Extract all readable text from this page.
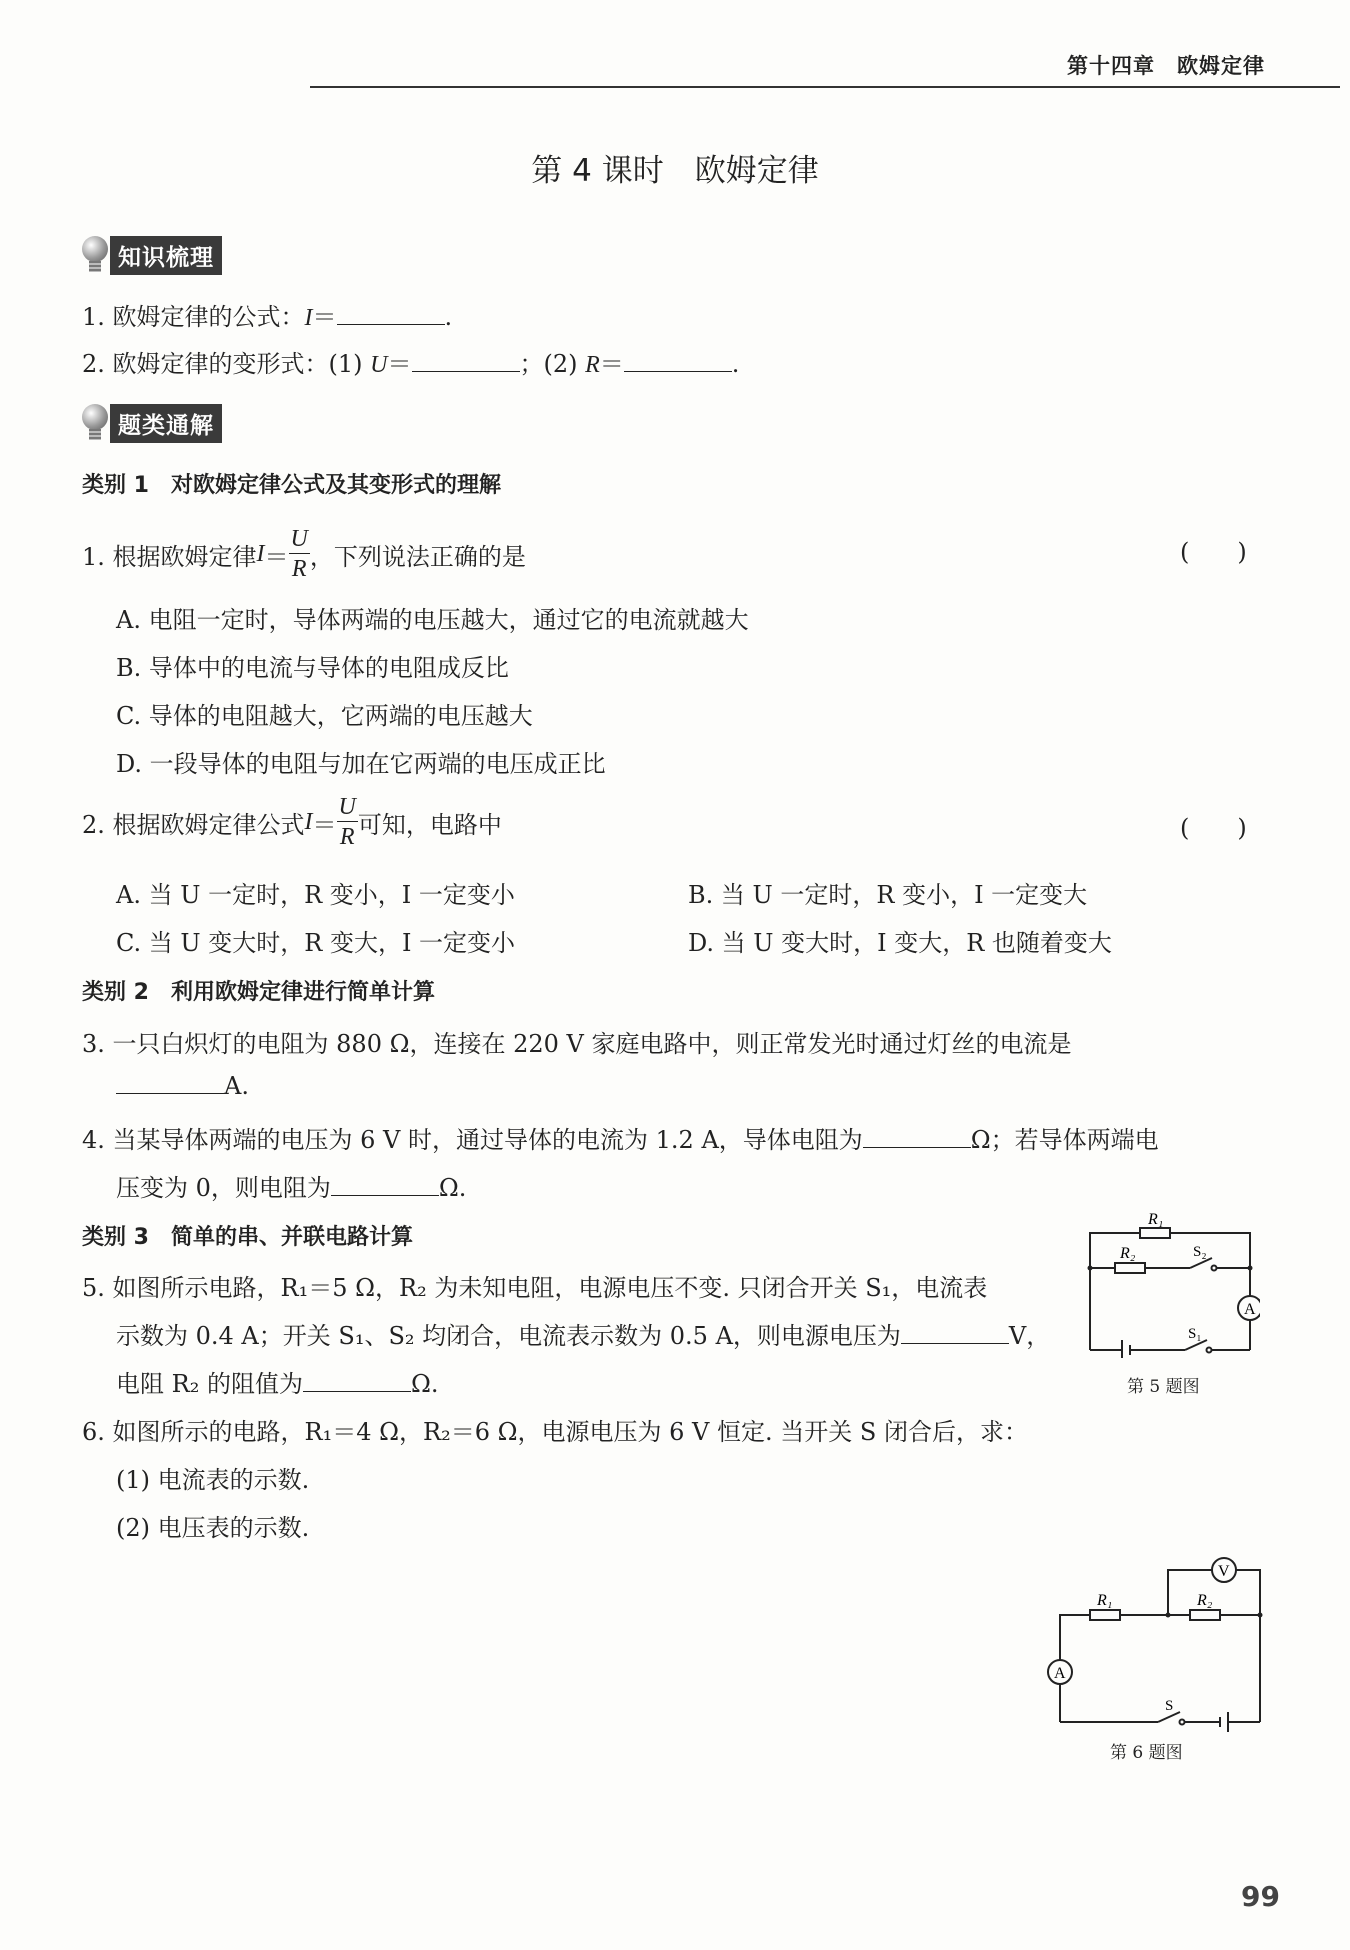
第十四章　欧姆定律
第 4 课时　欧姆定律
知识梳理
1. 欧姆定律的公式：I＝	.
2. 欧姆定律的变形式：(1) U＝	；(2) R＝	.
题类通解
类别 1　对欧姆定律公式及其变形式的理解
1. 根据欧姆定律 $I = \frac{U}{R}$ ，下列说法正确的是	(　　)
A. 电阻一定时，导体两端的电压越大，通过它的电流就越大
B. 导体中的电流与导体的电阻成反比
C. 导体的电阻越大，它两端的电压越大
D. 一段导体的电阻与加在它两端的电压成正比
2. 根据欧姆定律公式 $I = \frac{U}{R}$ 可知，电路中	(　　)
A. 当 U 一定时，R 变小，I 一定变小	B. 当 U 一定时，R 变小，I 一定变大
C. 当 U 变大时，R 变大，I 一定变小	D. 当 U 变大时，I 变大，R 也随着变大
类别 2　利用欧姆定律进行简单计算
3. 一只白炽灯的电阻为 880 Ω，连接在 220 V 家庭电路中，则正常发光时通过灯丝的电流是
A.
4. 当某导体两端的电压为 6 V 时，通过导体的电流为 1.2 A，导体电阻为	Ω；若导体两端电
压变为 0，则电阻为	Ω.
类别 3　简单的串、并联电路计算
5. 如图所示电路，R₁＝5 Ω，R₂ 为未知电阻，电源电压不变. 只闭合开关 S₁，电流表
示数为 0.4 A；开关 S₁、S₂ 均闭合，电流表示数为 0.5 A，则电源电压为	V，
电阻 R₂ 的阻值为	Ω.
R₁
R₂	S₂
S₁
A
第 5 题图
6. 如图所示的电路，R₁＝4 Ω，R₂＝6 Ω，电源电压为 6 V 恒定. 当开关 S 闭合后，求：
(1) 电流表的示数.
(2) 电压表的示数.
R₁	R₂
S
A
V
第 6 题图
99
